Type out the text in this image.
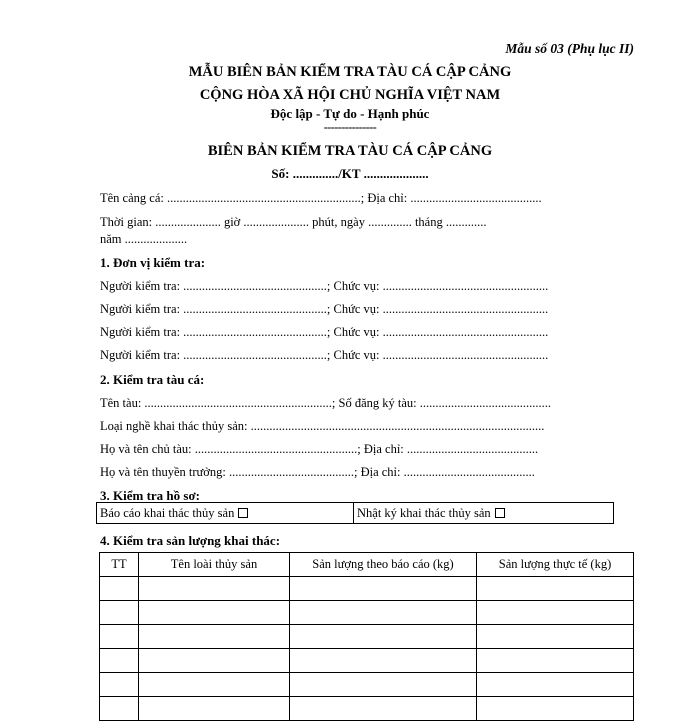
Mẫu số 03 (Phụ lục II)
MẪU BIÊN BẢN KIỂM TRA TÀU CÁ CẬP CẢNG
CỘNG HÒA XÃ HỘI CHỦ NGHĨA VIỆT NAM
Độc lập - Tự do - Hạnh phúc
---------------
BIÊN BẢN KIỂM TRA TÀU CÁ CẬP CẢNG
Số: ............../KT ....................
Tên cảng cá: ..............................................................; Địa chỉ: ..........................................
Thời gian: ..................... giờ ..................... phút, ngày .............. tháng .............
năm ....................
1. Đơn vị kiểm tra:
Người kiểm tra: ..............................................; Chức vụ: .....................................................
Người kiểm tra: ..............................................; Chức vụ: .....................................................
Người kiểm tra: ..............................................; Chức vụ: .....................................................
Người kiểm tra: ..............................................; Chức vụ: .....................................................
2. Kiểm tra tàu cá:
Tên tàu: ............................................................; Số đăng ký tàu: ..........................................
Loại nghề khai thác thủy sản: ..............................................................................................
Họ và tên chủ tàu: ....................................................; Địa chỉ: ..........................................
Họ và tên thuyền trưởng: ........................................; Địa chỉ: ..........................................
3. Kiểm tra hồ sơ:
Báo cáo khai thác thủy sản	Nhật ký khai thác thủy sản
4. Kiểm tra sản lượng khai thác:
TT	Tên loài thủy sản	Sản lượng theo báo cáo (kg)	Sản lượng thực tế (kg)
